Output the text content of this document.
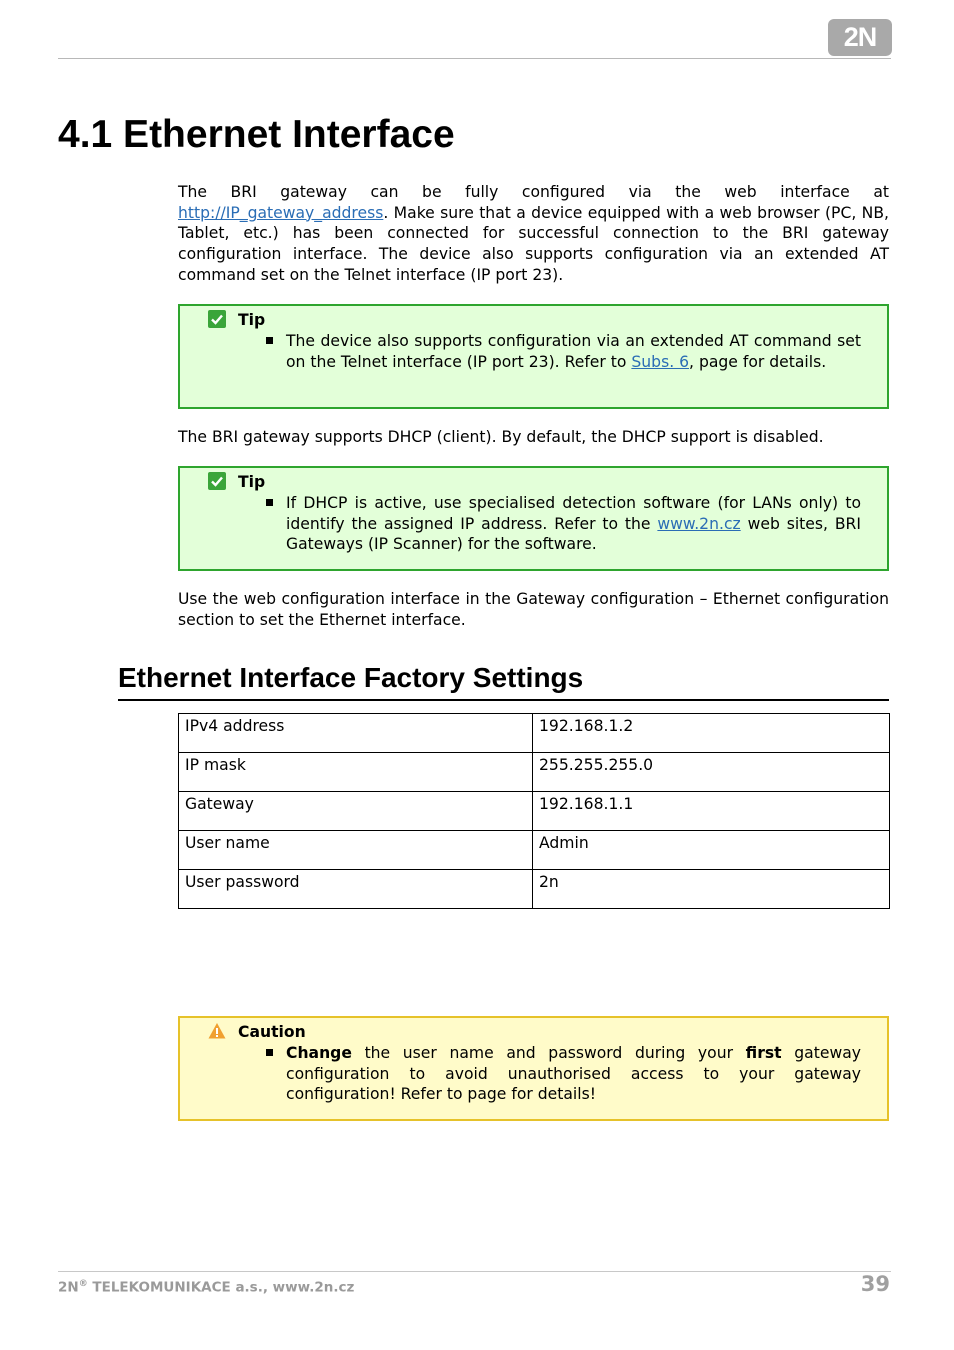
2N
4.1 Ethernet Interface

The BRI gateway can be fully configured via the web interface at
http://IP_gateway_address. Make sure that a device equipped with a web browser (PC, NB, Tablet, etc.) has been connected for successful connection to the BRI gateway configuration interface. The device also supports configuration via an extended AT command set on the Telnet interface (IP port 23).

Tip

The device also supports configuration via an extended AT command set on the Telnet interface (IP port 23). Refer to Subs. 6, page for details.

The BRI gateway supports DHCP (client). By default, the DHCP support is disabled.

Tip

If DHCP is active, use specialised detection software (for LANs only) to identify the assigned IP address. Refer to the www.2n.cz web sites, BRI Gateways (IP Scanner) for the software.

Use the web configuration interface in the Gateway configuration – Ethernet configuration section to set the Ethernet interface.

Ethernet Interface Factory Settings
IPv4 address	192.168.1.2
IP mask	255.255.255.0
Gateway	192.168.1.1
User name	Admin
User password	2n
Caution

Change the user name and password during your first gateway configuration to avoid unauthorised access to your gateway configuration! Refer to page for details!

2N® TELEKOMUNIKACE a.s., www.2n.cz	39
